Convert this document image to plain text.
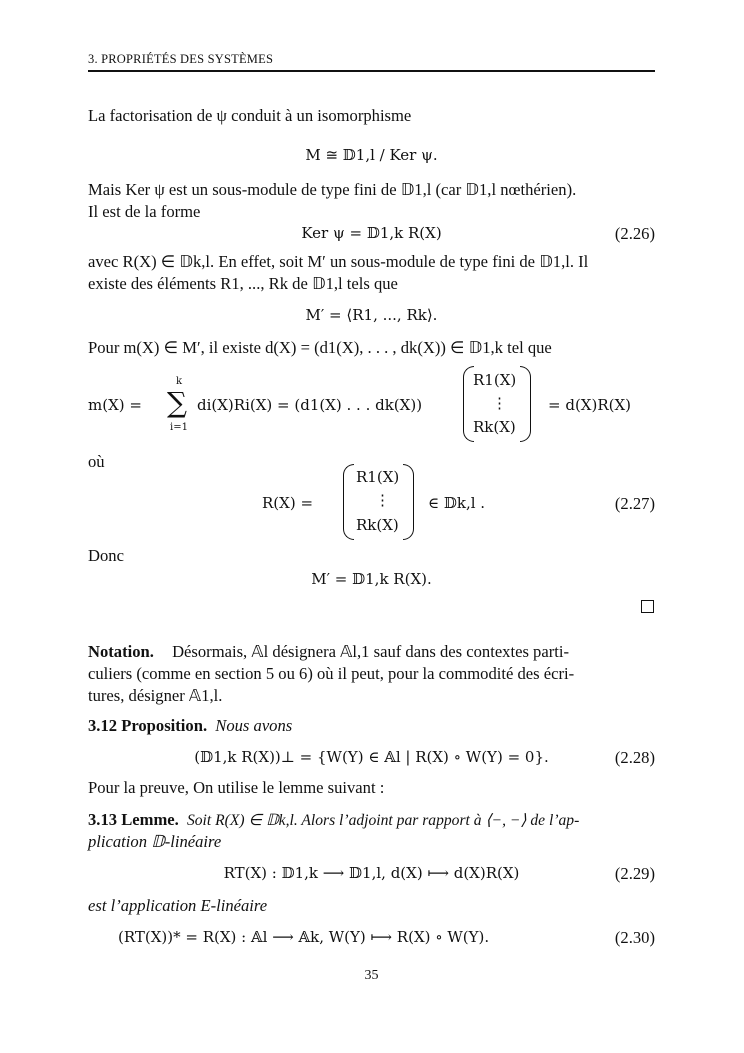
3. PROPRIÉTÉS DES SYSTÈMES
La factorisation de ψ conduit à un isomorphisme
M ≅ 𝔻1,l / Ker ψ.
Mais Ker ψ est un sous-module de type fini de 𝔻1,l (car 𝔻1,l nœthérien).
Il est de la forme
Ker ψ = 𝔻1,k R(X)	(2.26)
avec R(X) ∈ 𝔻k,l. En effet, soit M′ un sous-module de type fini de 𝔻1,l. Il
existe des éléments R1, ..., Rk de 𝔻1,l tels que
M′ = ⟨R1, ..., Rk⟩.
Pour m(X) ∈ M′, il existe d(X) = (d1(X), . . . , dk(X)) ∈ 𝔻1,k tel que
m(X) =
k
∑
i=1
di(X)Ri(X) = (d1(X) . . . dk(X))
R1(X)
⋮
Rk(X)
= d(X)R(X)
où
R(X) =
R1(X)
⋮
Rk(X)
∈ 𝔻k,l .	(2.27)
Donc
M′ = 𝔻1,k R(X).
Notation. Désormais, 𝔸l désignera 𝔸l,1 sauf dans des contextes parti-
culiers (comme en section 5 ou 6) où il peut, pour la commodité des écri-
tures, désigner 𝔸1,l.
3.12 Proposition. Nous avons
(𝔻1,k R(X))⊥ = {W(Y) ∈ 𝔸l | R(X) ∘ W(Y) = 0}.	(2.28)
Pour la preuve, On utilise le lemme suivant :
3.13 Lemme. Soit R(X) ∈ 𝔻k,l. Alors l’adjoint par rapport à ⟨−, −⟩ de l’ap-
plication 𝔻-linéaire
RT(X) : 𝔻1,k ⟶ 𝔻1,l, d(X) ⟼ d(X)R(X)	(2.29)
est l’application E-linéaire
(RT(X))* = R(X) : 𝔸l ⟶ 𝔸k, W(Y) ⟼ R(X) ∘ W(Y).	(2.30)
35
